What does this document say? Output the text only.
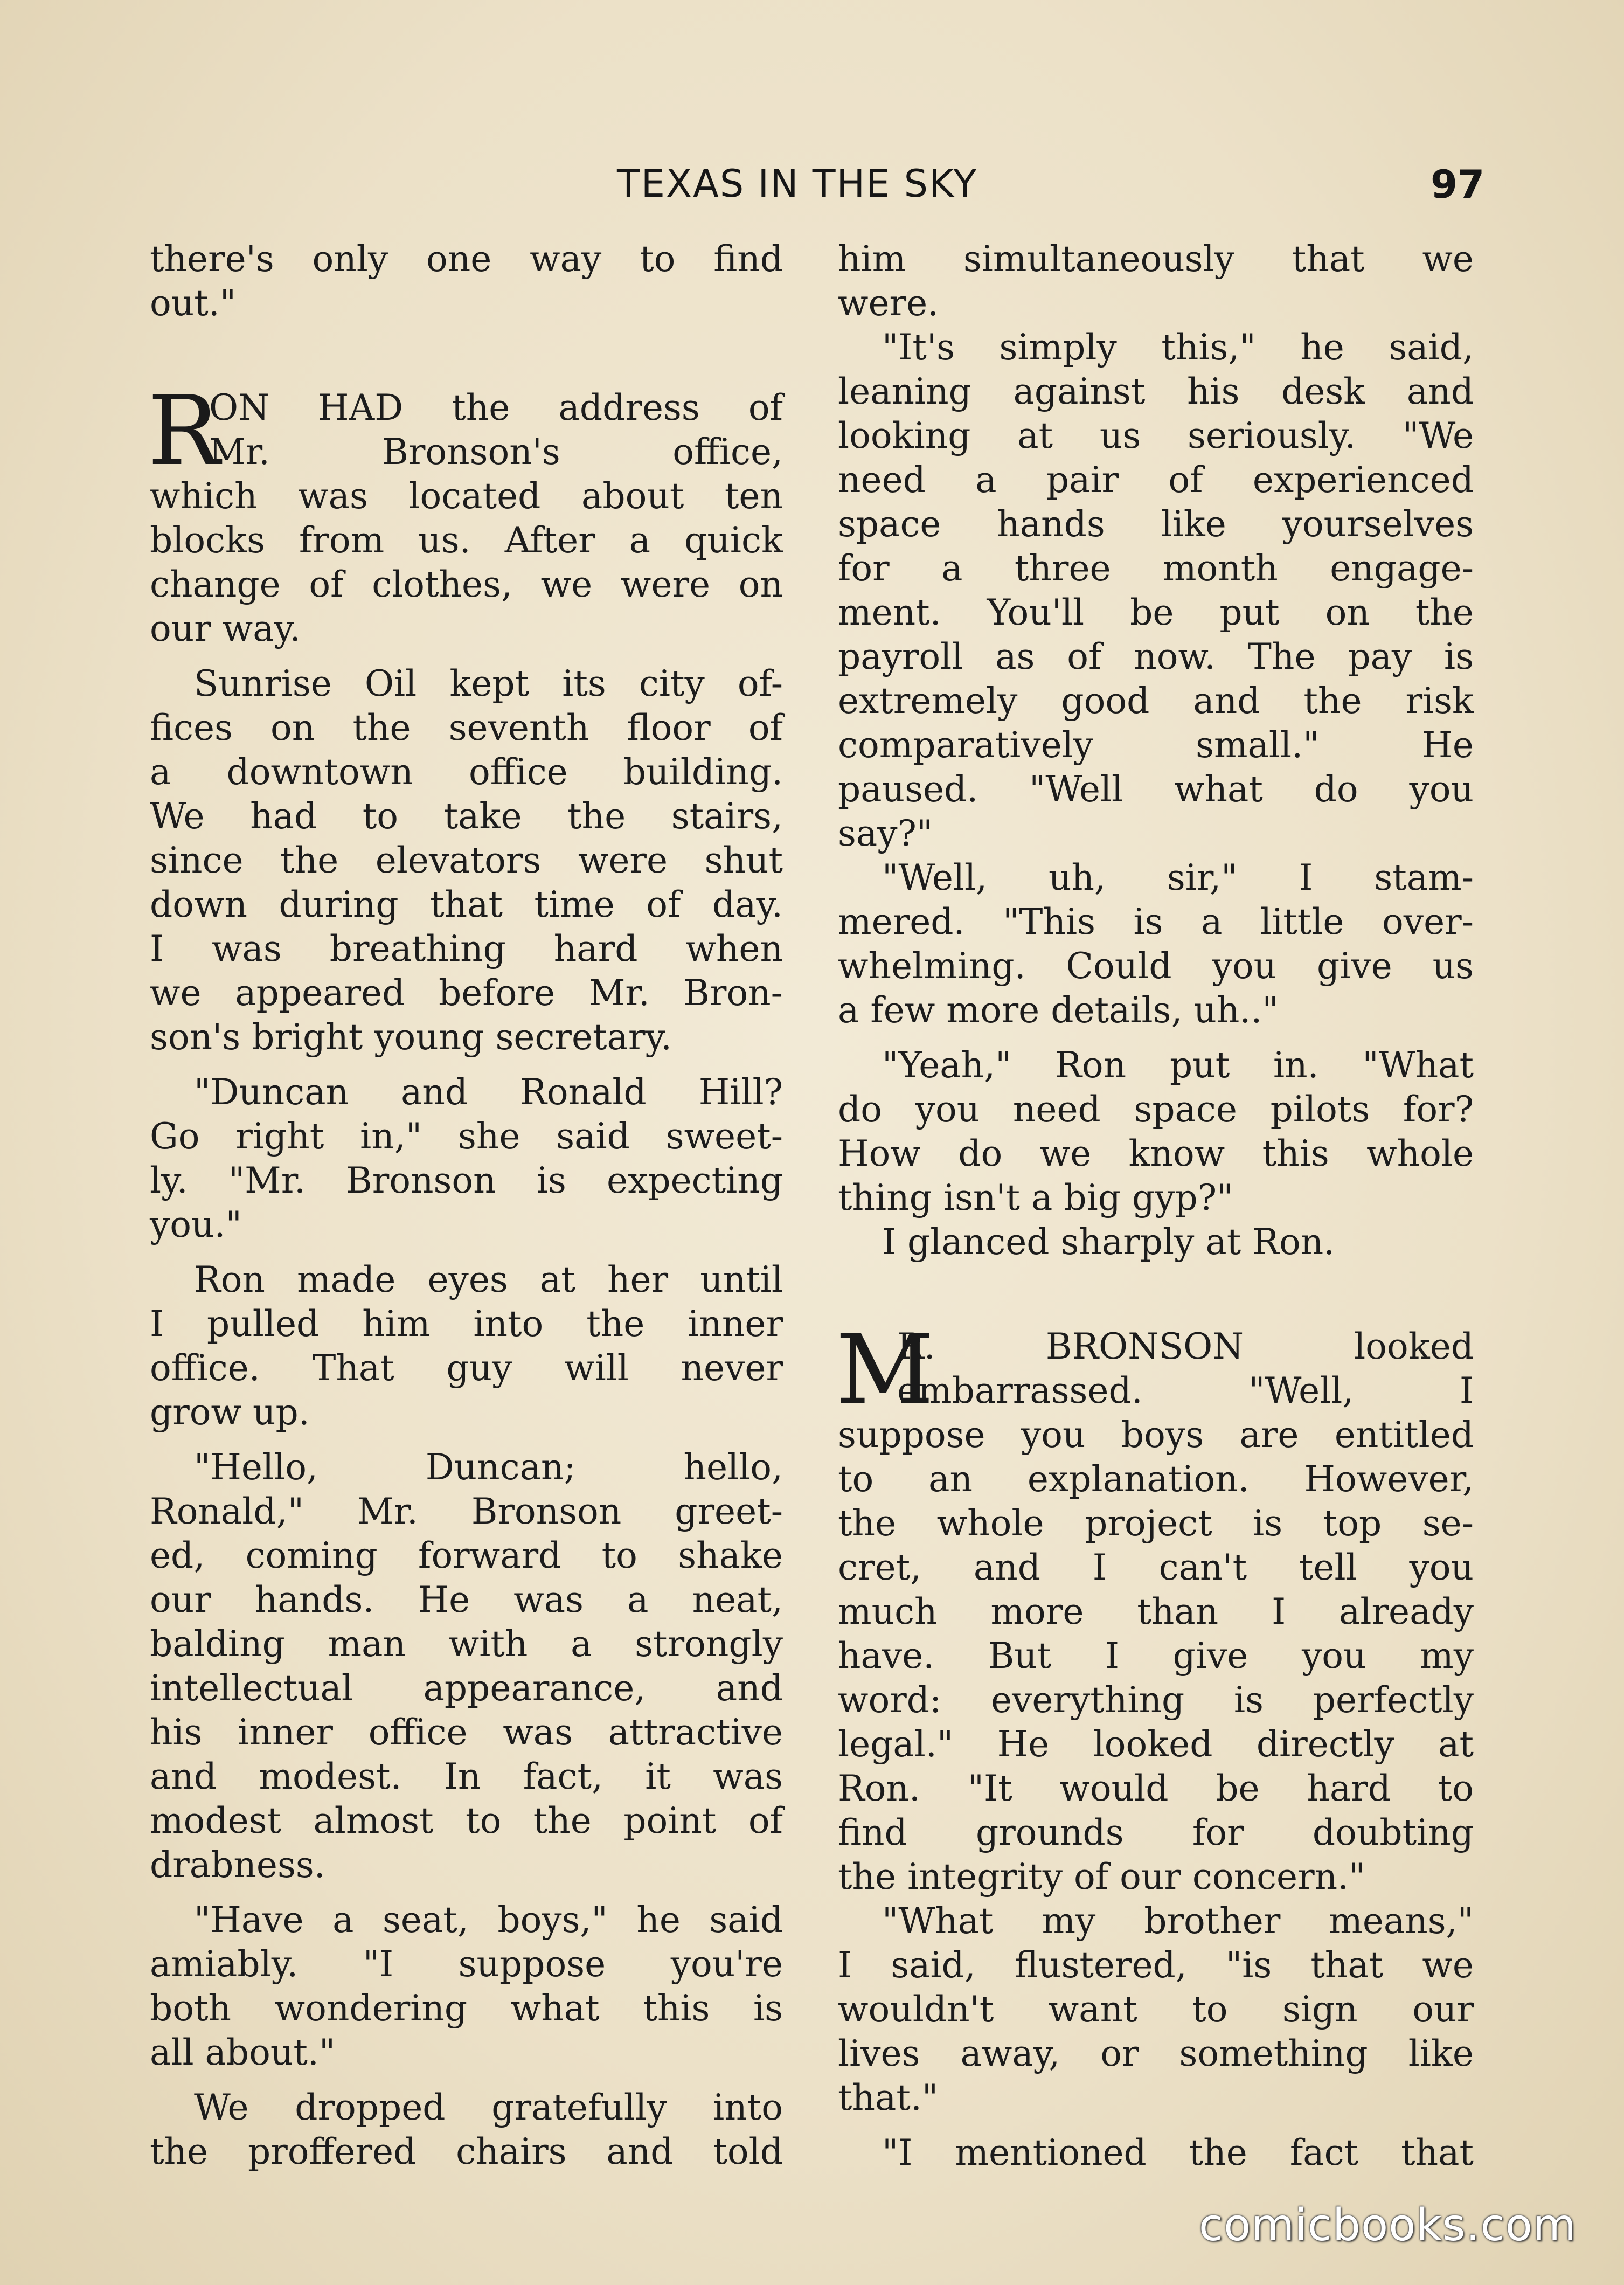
TEXAS IN THE SKY	97
there's only one way to find
out."
R
ON HAD the address of
Mr. Bronson's office,
which was located about ten
blocks from us. After a quick
change of clothes, we were on
our way.
Sunrise Oil kept its city of-
fices on the seventh floor of
a downtown office building.
We had to take the stairs,
since the elevators were shut
down during that time of day.
I was breathing hard when
we appeared before Mr. Bron-
son's bright young secretary.
"Duncan and Ronald Hill?
Go right in," she said sweet-
ly. "Mr. Bronson is expecting
you."
Ron made eyes at her until
I pulled him into the inner
office. That guy will never
grow up.
"Hello, Duncan; hello,
Ronald," Mr. Bronson greet-
ed, coming forward to shake
our hands. He was a neat,
balding man with a strongly
intellectual appearance, and
his inner office was attractive
and modest. In fact, it was
modest almost to the point of
drabness.
"Have a seat, boys," he said
amiably. "I suppose you're
both wondering what this is
all about."
We dropped gratefully into
the proffered chairs and told
him simultaneously that we
were.
"It's simply this," he said,
leaning against his desk and
looking at us seriously. "We
need a pair of experienced
space hands like yourselves
for a three month engage-
ment. You'll be put on the
payroll as of now. The pay is
extremely good and the risk
comparatively small." He
paused. "Well what do you
say?"
"Well, uh, sir," I stam-
mered. "This is a little over-
whelming. Could you give us
a few more details, uh.."
"Yeah," Ron put in. "What
do you need space pilots for?
How do we know this whole
thing isn't a big gyp?"
I glanced sharply at Ron.
M
R. BRONSON looked
embarrassed. "Well, I
suppose you boys are entitled
to an explanation. However,
the whole project is top se-
cret, and I can't tell you
much more than I already
have. But I give you my
word: everything is perfectly
legal." He looked directly at
Ron. "It would be hard to
find grounds for doubting
the integrity of our concern."
"What my brother means,"
I said, flustered, "is that we
wouldn't want to sign our
lives away, or something like
that."
"I mentioned the fact that
comicbooks.com
